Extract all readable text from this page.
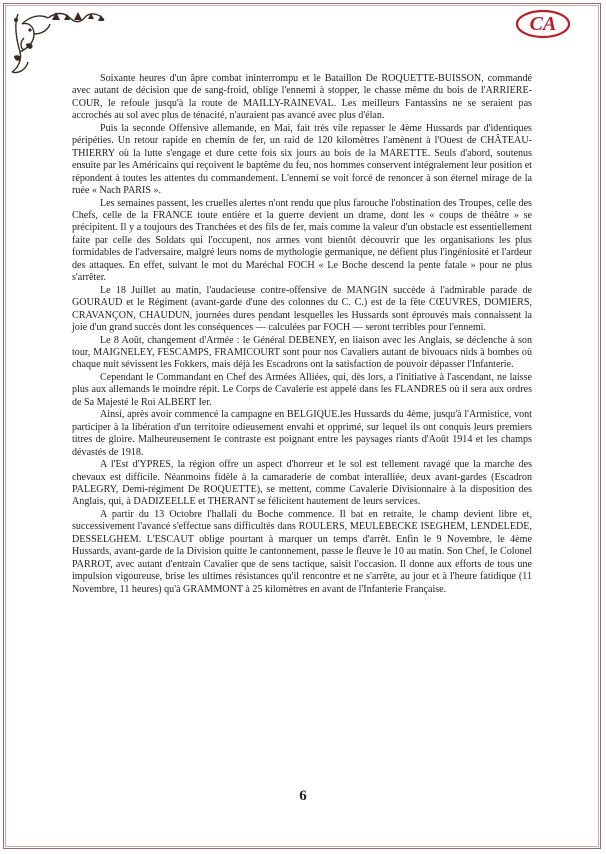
CA

Soixante heures d'un âpre combat ininterrompu et le Bataillon De ROQUETTE-BUISSON, commandé avec autant de décision que de sang-froid, oblige l'ennemi à stopper, le chasse même du bois de l'ARRIERE-COUR, le refoule jusqu'à la route de MAILLY-RAINEVAL. Les meilleurs Fantassins ne se seraient pas accrochés au sol avec plus de ténacité, n'auraient pas avancé avec plus d'élan.

Puis la seconde Offensive allemande, en Mai, fait très vile repasser le 4ème Hussards par d'identiques péripéties. Un retour rapide en chemin de fer, un raid de 120 kilomètres l'amènent à l'Ouest de CHÂTEAU-THIERRY où la lutte s'engage et dure cette fois six jours au bois de la MARETTE. Seuls d'abord, soutenus ensuite par les Américains qui reçoivent le baptême du feu, nos hommes conservent intégralement leur position et répondent à toutes les attentes du commandement. L'ennemi se voit forcé de renoncer à son éternel mirage de la ruée « Nach PARIS ».

Les semaines passent, les cruelles alertes n'ont rendu que plus farouche l'obstination des Troupes, celle des Chefs, celle de la FRANCE toute entière et la guerre devient un drame, dont les « coups de théâtre » se précipitent. Il y a toujours des Tranchées et des fils de fer, mais comme la valeur d'un obstacle est essentiellement faite par celle des Soldats qui l'occupent, nos armes vont bientôt découvrir que les organisations les plus formidables de l'adversaire, malgré leurs noms de mythologie germanique, ne défient plus l'ingéniosité et l'ardeur des attaques. En effet, suivant le mot du Maréchal FOCH « Le Boche descend la pente fatale » pour ne plus s'arrêter.

Le 18 Juillet au matin, l'audacieuse contre-offensive de MANGIN succède à l'admirable parade de GOURAUD et le Régiment (avant-garde d'une des colonnes du C. C.) est de la fête CŒUVRES, DOMIERS, CRAVANÇON, CHAUDUN, journées dures pendant lesquelles les Hussards sont éprouvés mais connaissent la joie d'un grand succès dont les conséquences — calculées par FOCH — seront terribles pour l'ennemi.

Le 8 Août, changement d'Armée : le Général DEBENEY, en liaison avec les Anglais, se déclenche à son tour, MAIGNELEY, FESCAMPS, FRAMICOURT sont pour nos Cavaliers autant de bivouacs nids à bombes où chaque nuit sévissent les Fokkers, mais déjà les Escadrons ont la satisfaction de pouvoir dépasser l'Infanterie.

Cependant le Commandant en Chef des Armées Alliées, qui, dès lors, a l'initiative à l'ascendant, ne laisse plus aux allemands le moindre répit. Le Corps de Cavalerie est appelé dans les FLANDRES où il sera aux ordres de Sa Majesté le Roi ALBERT Ier.

Ainsi, après avoir commencé la campagne en BELGIQUE.les Hussards du 4ème, jusqu'à l'Armistice, vont participer à la libération d'un territoire odieusement envahi et opprimé, sur lequel ils ont conquis leurs premiers titres de gloire. Malheureusement le contraste est poignant entre les paysages riants d'Août 1914 et les champs dévastés de 1918.

A l'Est d'YPRES, la région offre un aspect d'horreur et le sol est tellement ravagé que la marche des chevaux est difficile. Néanmoins fidèle à la camaraderie de combat interalliée, deux avant-gardes (Escadron PALEGRY, Demi-régiment De ROQUETTE), se mettent, comme Cavalerie Divisionnaire à la disposition des Anglais, qui, à DADIZEELLE et THERANT se félicitent hautement de leurs services.

A partir du 13 Octobre l'hallali du Boche commence. Il bat en retraite, le champ devient libre et, successivement l'avancé s'effectue sans difficultés dans ROULERS, MEULEBECKE ISEGHEM, LENDELEDE, DESSELGHEM. L'ESCAUT oblige pourtant à marquer un temps d'arrêt. Enfin le 9 Novembre, le 4ème Hussards, avant-garde de la Division quitte le cantonnement, passe le fleuve le 10 au matin. Son Chef, le Colonel PARROT, avec autant d'entrain Cavalier que de sens tactique, saisit l'occasion. Il donne aux efforts de tous une impulsion vigoureuse, brise les ultimes résistances qu'il rencontre et ne s'arrête, au jour et à l'heure fatidique (11 Novembre, 11 heures) qu'à GRAMMONT à 25 kilomètres en avant de l'Infanterie Française.

6
